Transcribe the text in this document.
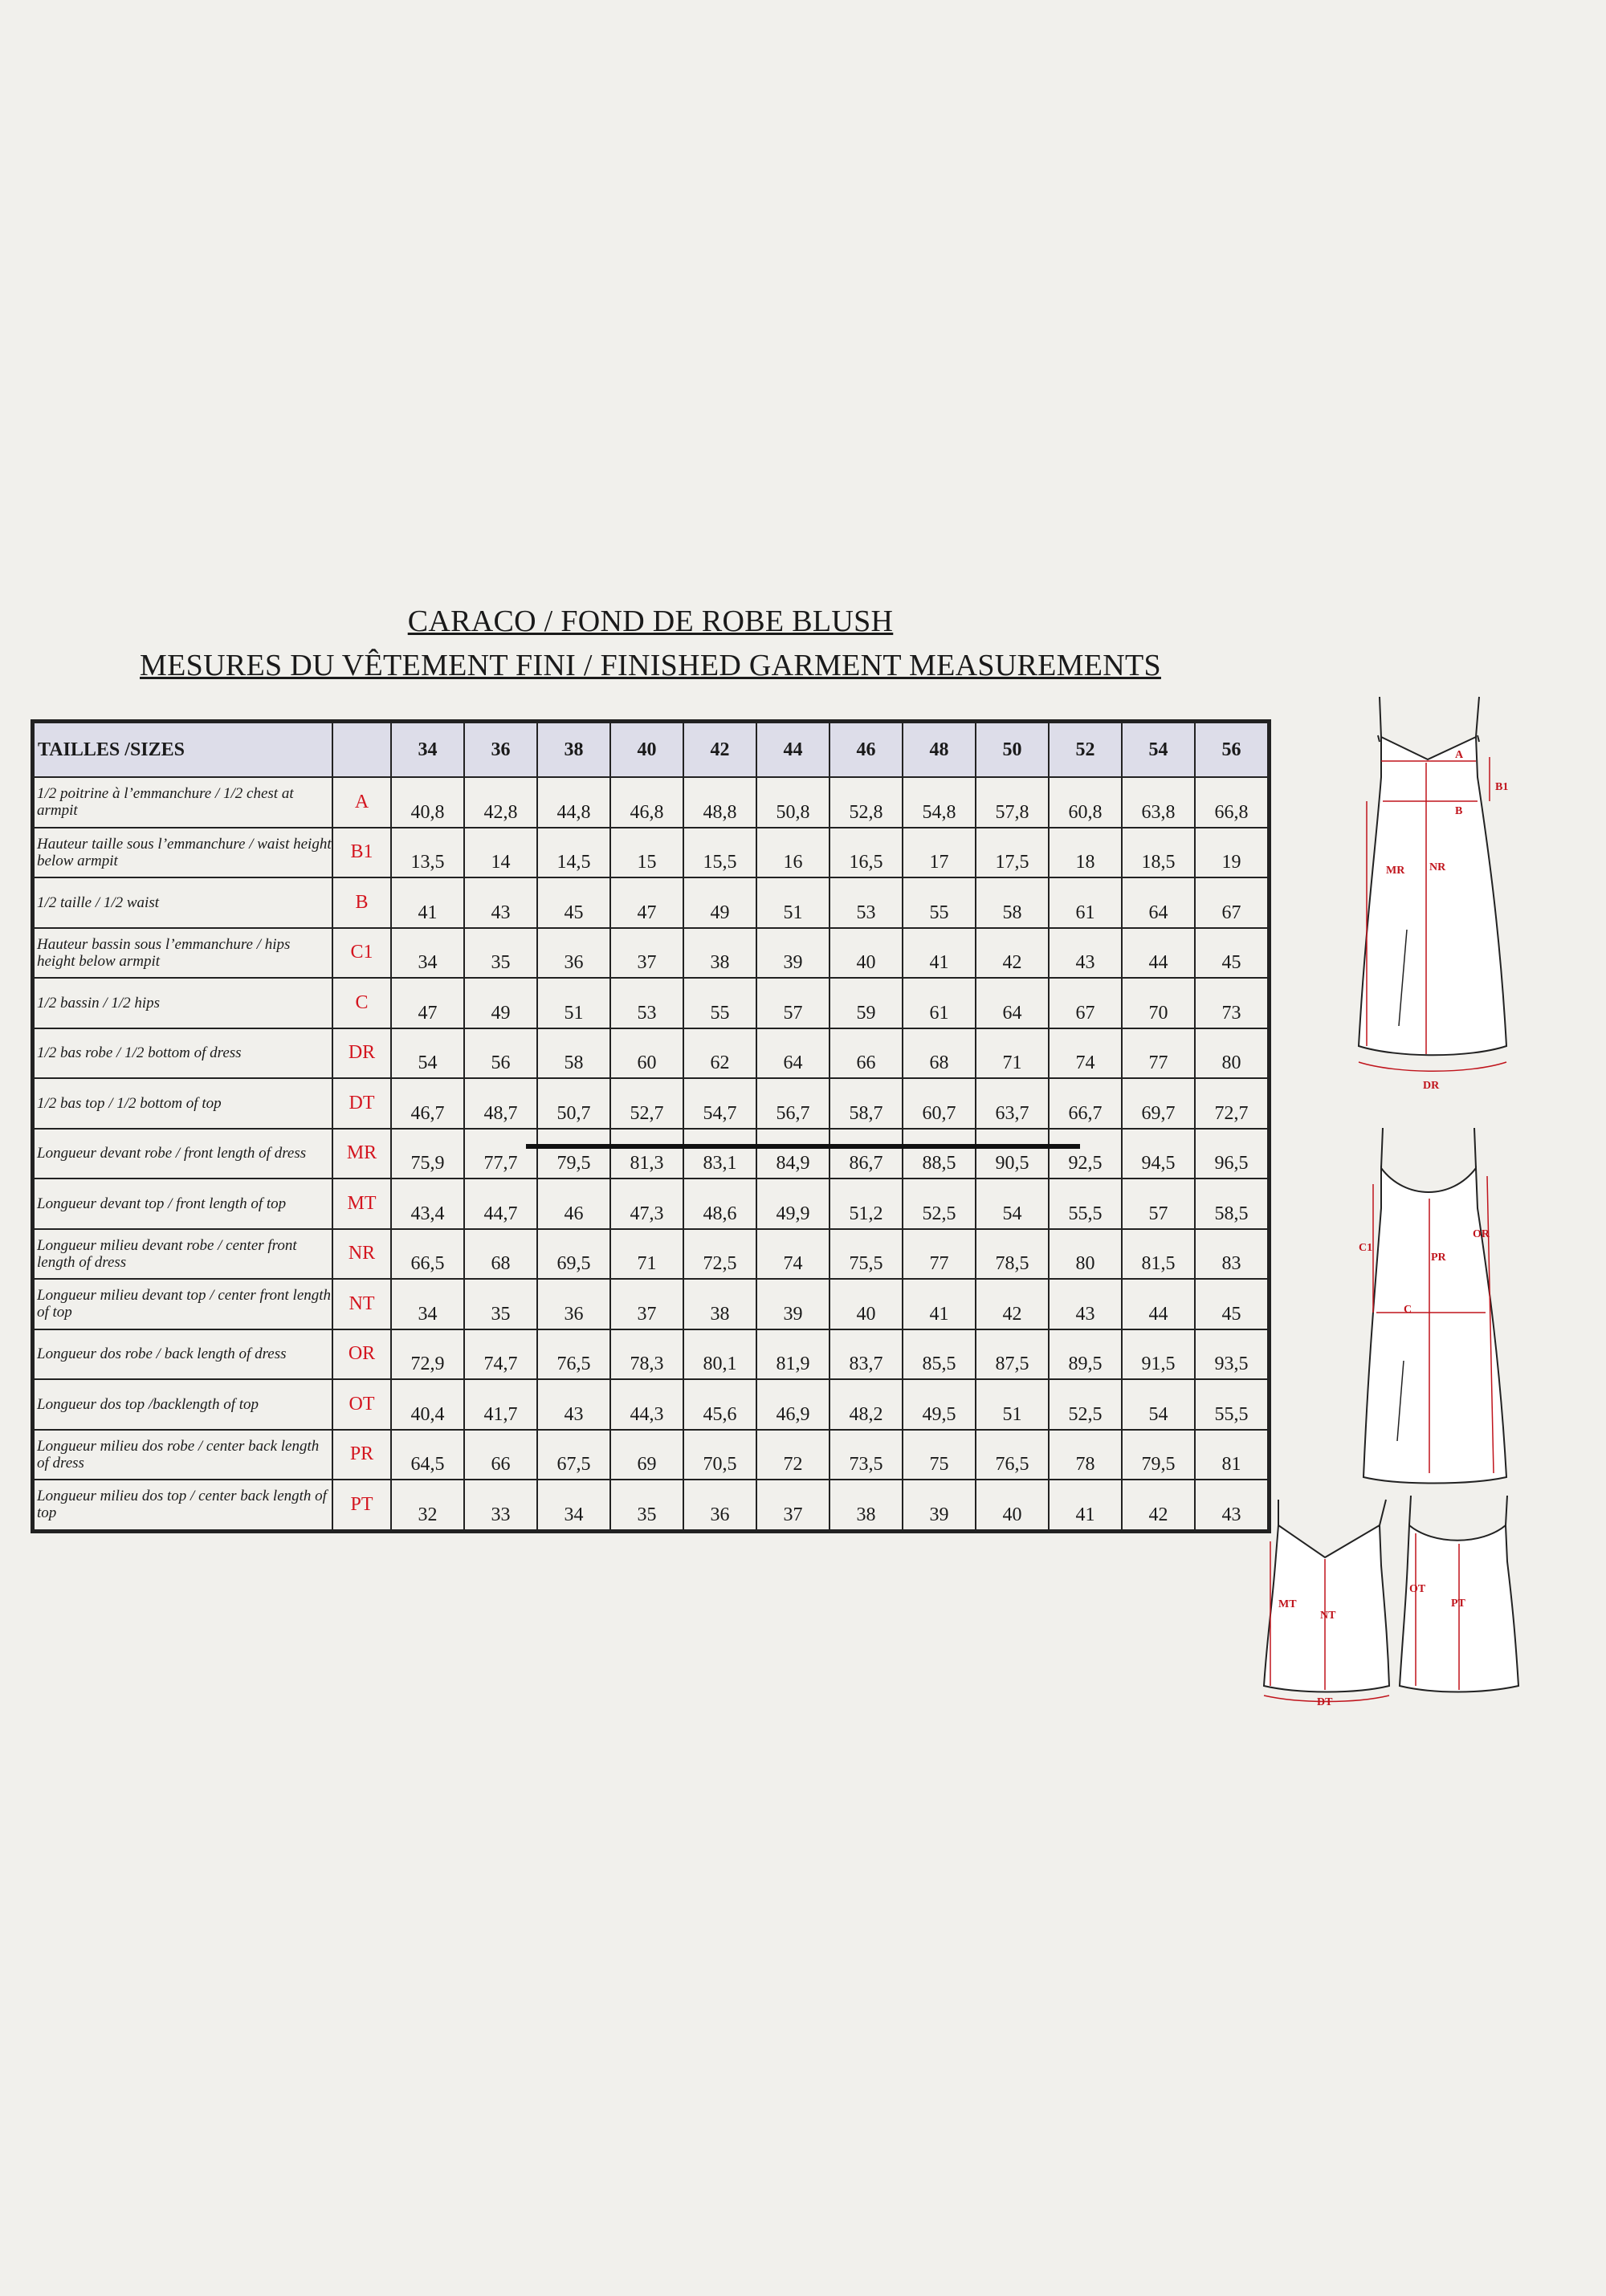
CARACO / FOND DE ROBE BLUSH
MESURES DU VÊTEMENT FINI / FINISHED GARMENT MEASUREMENTS
TAILLES /SIZES		34	36	38	40	42	44	46	48	50	52	54	56
1/2 poitrine à l’emmanchure / 1/2 chest at armpit	A	40,8	42,8	44,8	46,8	48,8	50,8	52,8	54,8	57,8	60,8	63,8	66,8
Hauteur taille sous l’emmanchure / waist height below armpit	B1	13,5	14	14,5	15	15,5	16	16,5	17	17,5	18	18,5	19
1/2 taille / 1/2 waist	B	41	43	45	47	49	51	53	55	58	61	64	67
Hauteur bassin sous l’emmanchure / hips height below armpit	C1	34	35	36	37	38	39	40	41	42	43	44	45
1/2 bassin / 1/2 hips	C	47	49	51	53	55	57	59	61	64	67	70	73
1/2 bas robe / 1/2 bottom of dress	DR	54	56	58	60	62	64	66	68	71	74	77	80
1/2 bas top / 1/2 bottom of top	DT	46,7	48,7	50,7	52,7	54,7	56,7	58,7	60,7	63,7	66,7	69,7	72,7
Longueur devant robe / front length of dress	MR	75,9	77,7	79,5	81,3	83,1	84,9	86,7	88,5	90,5	92,5	94,5	96,5
Longueur devant top / front length of top	MT	43,4	44,7	46	47,3	48,6	49,9	51,2	52,5	54	55,5	57	58,5
Longueur milieu devant robe / center front length of dress	NR	66,5	68	69,5	71	72,5	74	75,5	77	78,5	80	81,5	83
Longueur milieu devant top / center front length of top	NT	34	35	36	37	38	39	40	41	42	43	44	45
Longueur dos robe / back length of dress	OR	72,9	74,7	76,5	78,3	80,1	81,9	83,7	85,5	87,5	89,5	91,5	93,5
Longueur dos top /backlength of top	OT	40,4	41,7	43	44,3	45,6	46,9	48,2	49,5	51	52,5	54	55,5
Longueur milieu dos robe / center back length of dress	PR	64,5	66	67,5	69	70,5	72	73,5	75	76,5	78	79,5	81
Longueur milieu dos top / center back length of top	PT	32	33	34	35	36	37	38	39	40	41	42	43
A
B1
B
MR NR
DR
C1
PR
OR
C
MT
NT
DT
OT
PT
